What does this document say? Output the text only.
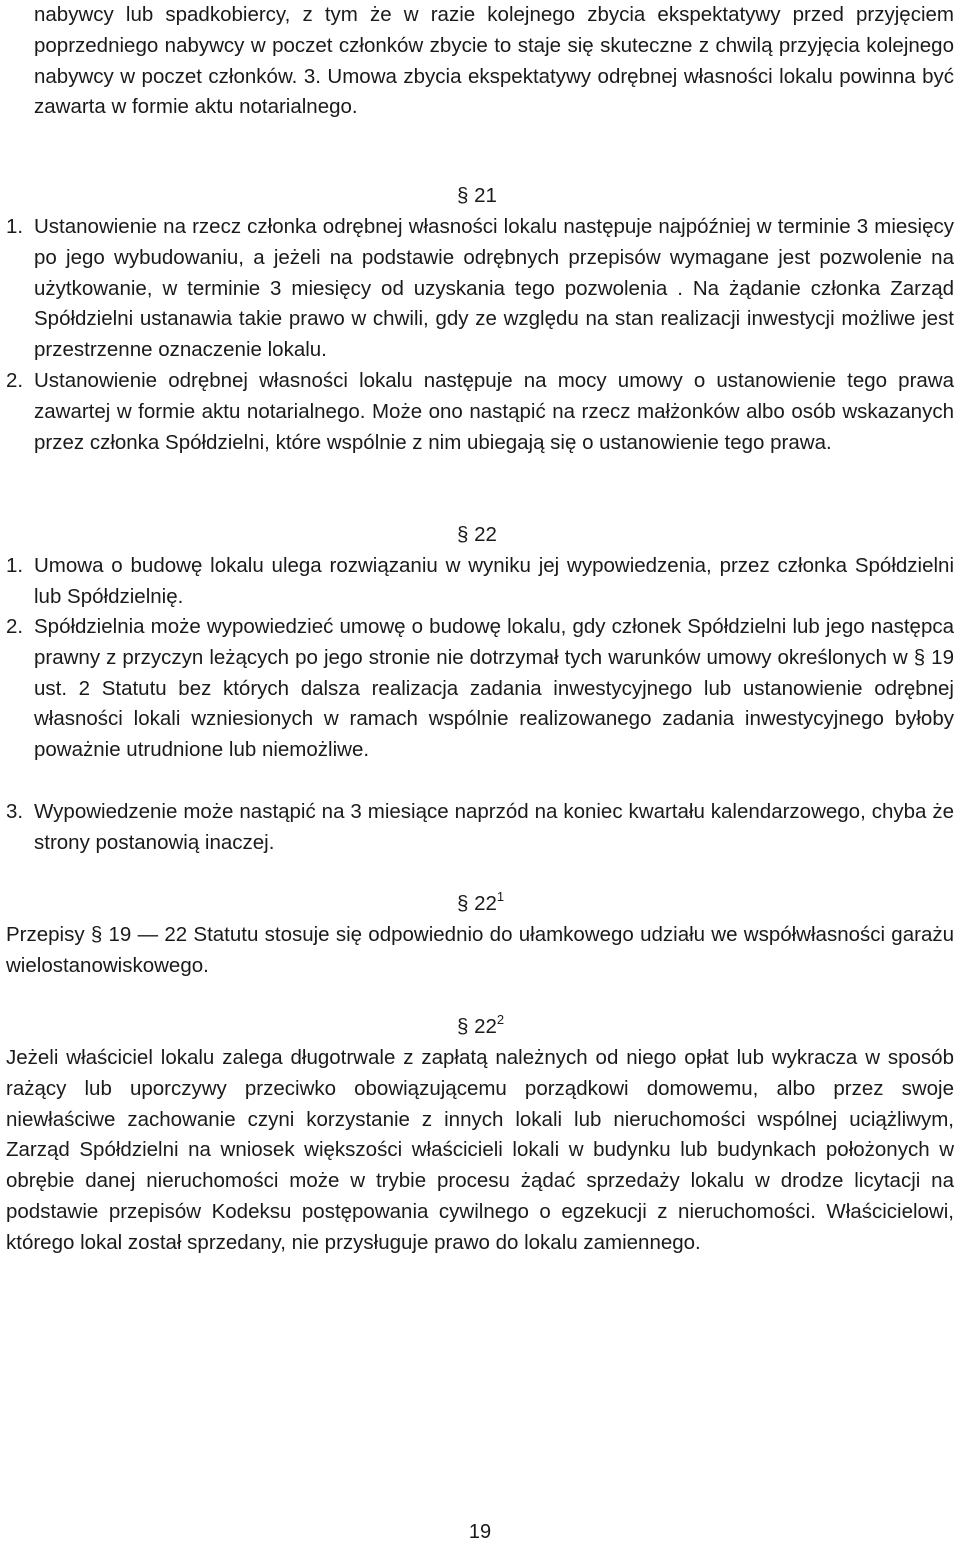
nabywcy lub spadkobiercy, z tym że w razie kolejnego zbycia ekspektatywy przed przyjęciem poprzedniego nabywcy w poczet członków zbycie to staje się skuteczne z chwilą przyjęcia kolejnego nabywcy w poczet członków. 3. Umowa zbycia ekspektatywy odrębnej własności lokalu powinna być zawarta w formie aktu notarialnego.

§ 21

1. Ustanowienie na rzecz członka odrębnej własności lokalu następuje najpóźniej w terminie 3 miesięcy po jego wybudowaniu, a jeżeli na podstawie odrębnych przepisów wymagane jest pozwolenie na użytkowanie, w terminie 3 miesięcy od uzyskania tego pozwolenia . Na żądanie członka Zarząd Spółdzielni ustanawia takie prawo w chwili, gdy ze względu na stan realizacji inwestycji możliwe jest przestrzenne oznaczenie lokalu.

2. Ustanowienie odrębnej własności lokalu następuje na mocy umowy o ustanowienie tego prawa zawartej w formie aktu notarialnego. Może ono nastąpić na rzecz małżonków albo osób wskazanych przez członka Spółdzielni, które wspólnie z nim ubiegają się o ustanowienie tego prawa.

§ 22

1. Umowa o budowę lokalu ulega rozwiązaniu w wyniku jej wypowiedzenia, przez członka Spółdzielni lub Spółdzielnię.

2. Spółdzielnia może wypowiedzieć umowę o budowę lokalu, gdy członek Spółdzielni lub jego następca prawny z przyczyn leżących po jego stronie nie dotrzymał tych warunków umowy określonych w § 19 ust. 2 Statutu bez których dalsza realizacja zadania inwestycyjnego lub ustanowienie odrębnej własności lokali wzniesionych w ramach wspólnie realizowanego zadania inwestycyjnego byłoby poważnie utrudnione lub niemożliwe.

3. Wypowiedzenie może nastąpić na 3 miesiące naprzód na koniec kwartału kalendarzowego, chyba że strony postanowią inaczej.

§ $22^1$

Przepisy § 19 — 22 Statutu stosuje się odpowiednio do ułamkowego udziału we współwłasności garażu wielostanowiskowego.

§ $22^2$

Jeżeli właściciel lokalu zalega długotrwale z zapłatą należnych od niego opłat lub wykracza w sposób rażący lub uporczywy przeciwko obowiązującemu porządkowi domowemu, albo przez swoje niewłaściwe zachowanie czyni korzystanie z innych lokali lub nieruchomości wspólnej uciążliwym, Zarząd Spółdzielni na wniosek większości właścicieli lokali w budynku lub budynkach położonych w obrębie danej nieruchomości może w trybie procesu żądać sprzedaży lokalu w drodze licytacji na podstawie przepisów Kodeksu postępowania cywilnego o egzekucji z nieruchomości. Właścicielowi, którego lokal został sprzedany, nie przysługuje prawo do lokalu zamiennego.

19
